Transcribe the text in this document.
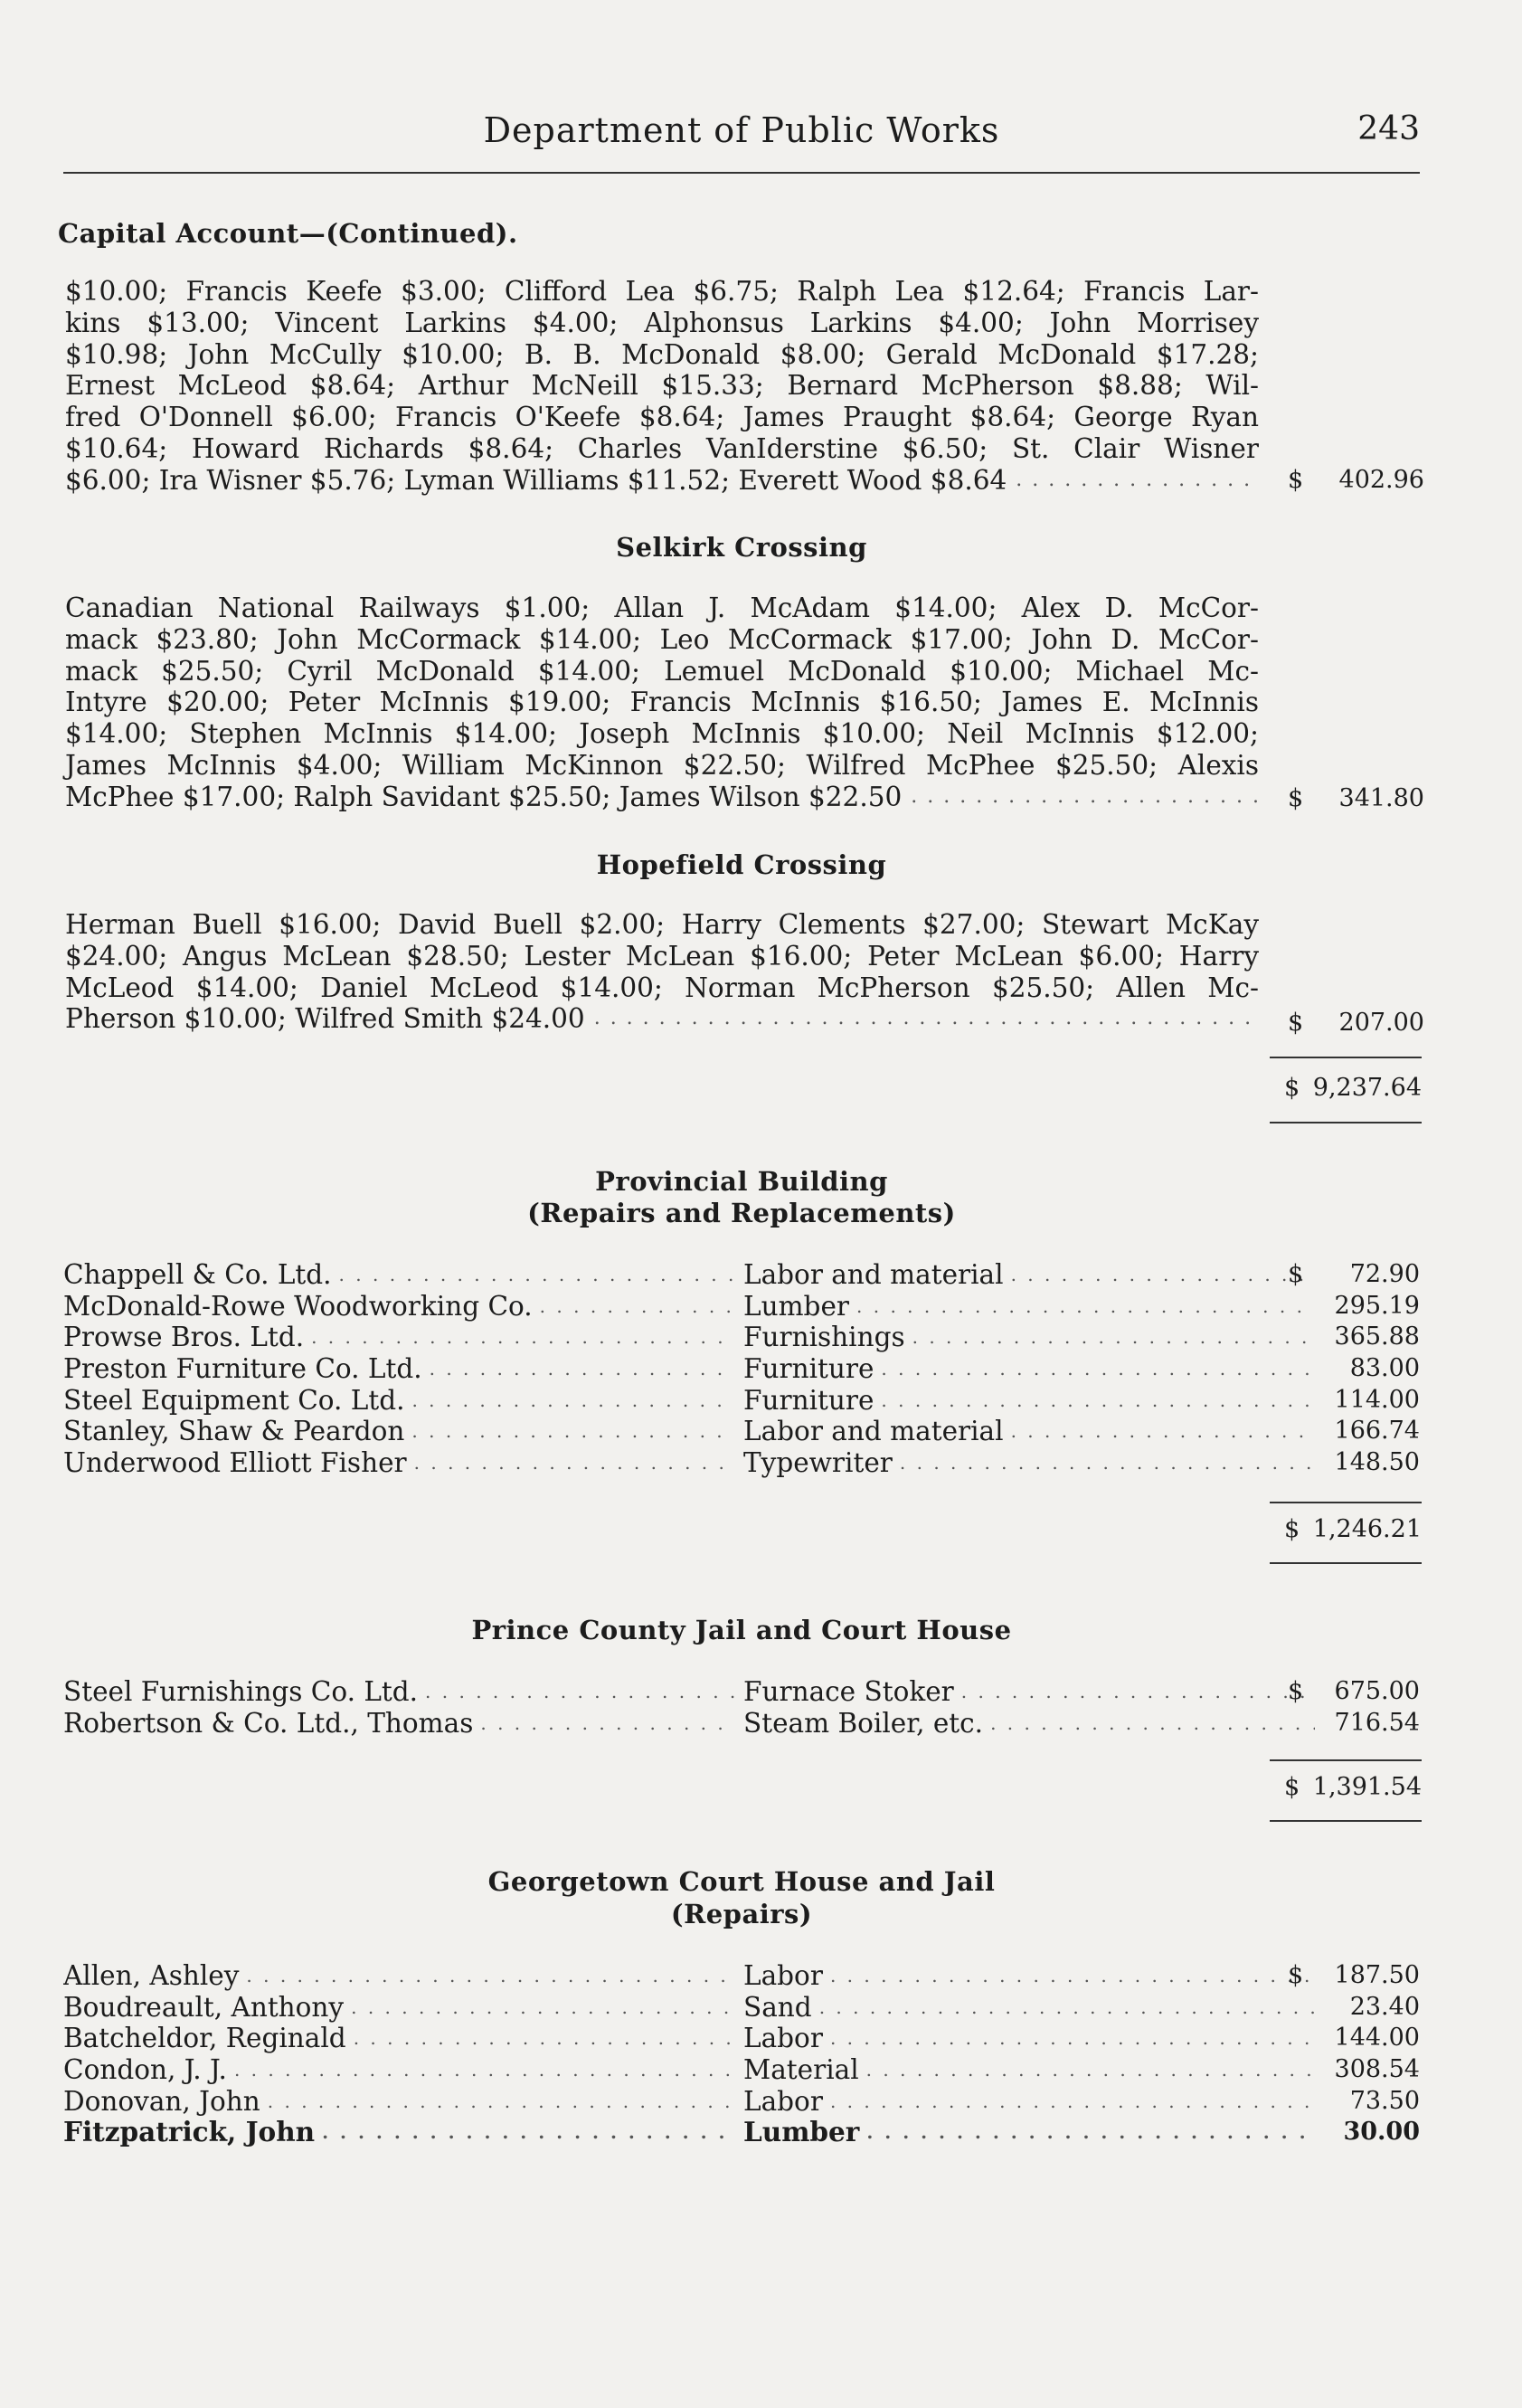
Department of Public Works	243
Capital Account—(Continued).
$10.00; Francis Keefe $3.00; Clifford Lea $6.75; Ralph Lea $12.64; Francis Lar-
kins $13.00; Vincent Larkins $4.00; Alphonsus Larkins $4.00; John Morrisey
$10.98; John McCully $10.00; B. B. McDonald $8.00; Gerald McDonald $17.28;
Ernest McLeod $8.64; Arthur McNeill $15.33; Bernard McPherson $8.88; Wil-
fred O'Donnell $6.00; Francis O'Keefe $8.64; James Praught $8.64; George Ryan
$10.64; Howard Richards $8.64; Charles VanIderstine $6.50; St. Clair Wisner
$6.00; Ira Wisner $5.76; Lyman Williams $11.52; Everett Wood $8.64 . . .	$	402.96
Selkirk Crossing
Canadian National Railways $1.00; Allan J. McAdam $14.00; Alex D. McCor-
mack $23.80; John McCormack $14.00; Leo McCormack $17.00; John D. McCor-
mack $25.50; Cyril McDonald $14.00; Lemuel McDonald $10.00; Michael Mc-
Intyre $20.00; Peter McInnis $19.00; Francis McInnis $16.50; James E. McInnis
$14.00; Stephen McInnis $14.00; Joseph McInnis $10.00; Neil McInnis $12.00;
James McInnis $4.00; William McKinnon $22.50; Wilfred McPhee $25.50; Alexis
McPhee $17.00; Ralph Savidant $25.50; James Wilson $22.50 . . .	$	341.80
Hopefield Crossing
Herman Buell $16.00; David Buell $2.00; Harry Clements $27.00; Stewart McKay
$24.00; Angus McLean $28.50; Lester McLean $16.00; Peter McLean $6.00; Harry
McLeod $14.00; Daniel McLeod $14.00; Norman McPherson $25.50; Allen Mc-
Pherson $10.00; Wilfred Smith $24.00 . . .	$	207.00
$ 9,237.64
Provincial Building
(Repairs and Replacements)
Chappell & Co. Ltd. . . .	Labor and material . . .	$	72.90
McDonald-Rowe Woodworking Co. . . .	Lumber . . .	295.19
Prowse Bros. Ltd. . . .	Furnishings . . .	365.88
Preston Furniture Co. Ltd. . . .	Furniture . . .	83.00
Steel Equipment Co. Ltd. . . .	Furniture . . .	114.00
Stanley, Shaw & Peardon . . .	Labor and material . . .	166.74
Underwood Elliott Fisher . . .	Typewriter . . .	148.50
$ 1,246.21
Prince County Jail and Court House
Steel Furnishings Co. Ltd. . . .	Furnace Stoker . . .	$	675.00
Robertson & Co. Ltd., Thomas . . .	Steam Boiler, etc. . . .	716.54
$ 1,391.54
Georgetown Court House and Jail
(Repairs)
Allen, Ashley . . .	Labor . . .	$	187.50
Boudreault, Anthony . . .	Sand . . .	23.40
Batcheldor, Reginald . . .	Labor . . .	144.00
Condon, J. J. . . .	Material . . .	308.54
Donovan, John . . .	Labor . . .	73.50
Fitzpatrick, John . . .	Lumber . . .	30.00
